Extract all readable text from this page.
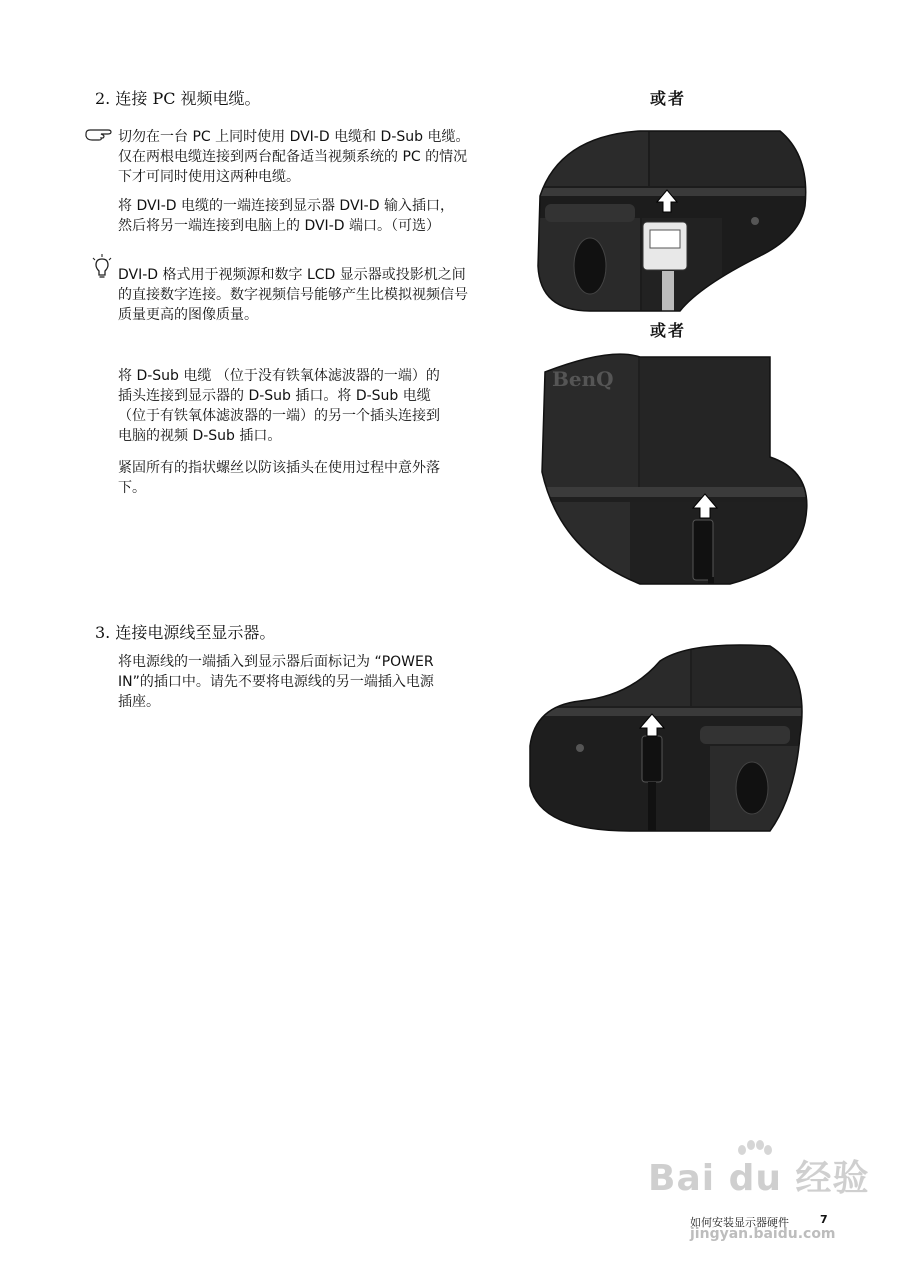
2. 连接 PC 视频电缆。
切勿在一台 PC 上同时使用 DVI-D 电缆和 D-Sub 电缆。
仅在两根电缆连接到两台配备适当视频系统的 PC 的情况
下才可同时使用这两种电缆。
将 DVI-D 电缆的一端连接到显示器 DVI-D 输入插口，
然后将另一端连接到电脑上的 DVI-D 端口。（可选）
DVI-D 格式用于视频源和数字 LCD 显示器或投影机之间
的直接数字连接。数字视频信号能够产生比模拟视频信号
质量更高的图像质量。
将 D-Sub 电缆 （位于没有铁氧体滤波器的一端）的
插头连接到显示器的 D-Sub 插口。将 D-Sub 电缆
（位于有铁氧体滤波器的一端）的另一个插头连接到
电脑的视频 D-Sub 插口。
紧固所有的指状螺丝以防该插头在使用过程中意外落
下。
或者
或者
BenQ
3. 连接电源线至显示器。
将电源线的一端插入到显示器后面标记为 “POWER
IN”的插口中。请先不要将电源线的另一端插入电源
插座。
Bai du 经验
jingyan.baidu.com
如何安装显示器硬件	7
